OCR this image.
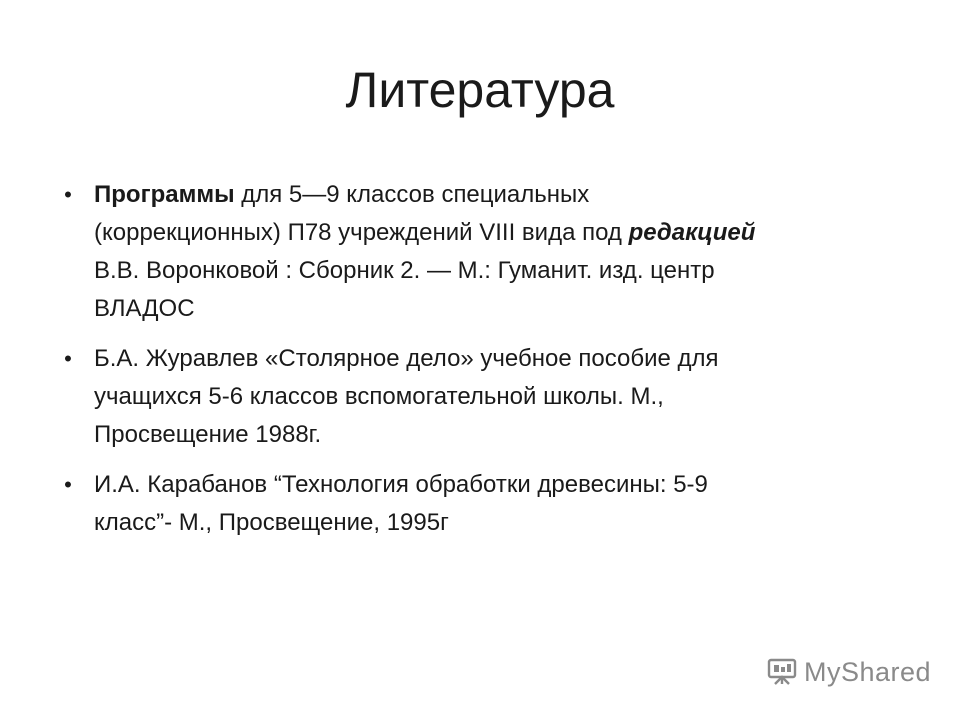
Литература
• Программы для 5—9 классов специальных (коррекционных) П78 учреждений VIII вида под редакцией В.В. Воронковой : Сборник 2. — М.: Гуманит. изд. центр ВЛАДОС
• Б.А. Журавлев «Столярное дело» учебное пособие для учащихся 5-6 классов вспомогательной школы. М., Просвещение 1988г.
• И.А. Карабанов “Технология обработки древесины: 5-9 класс”- М., Просвещение, 1995г
MyShared
